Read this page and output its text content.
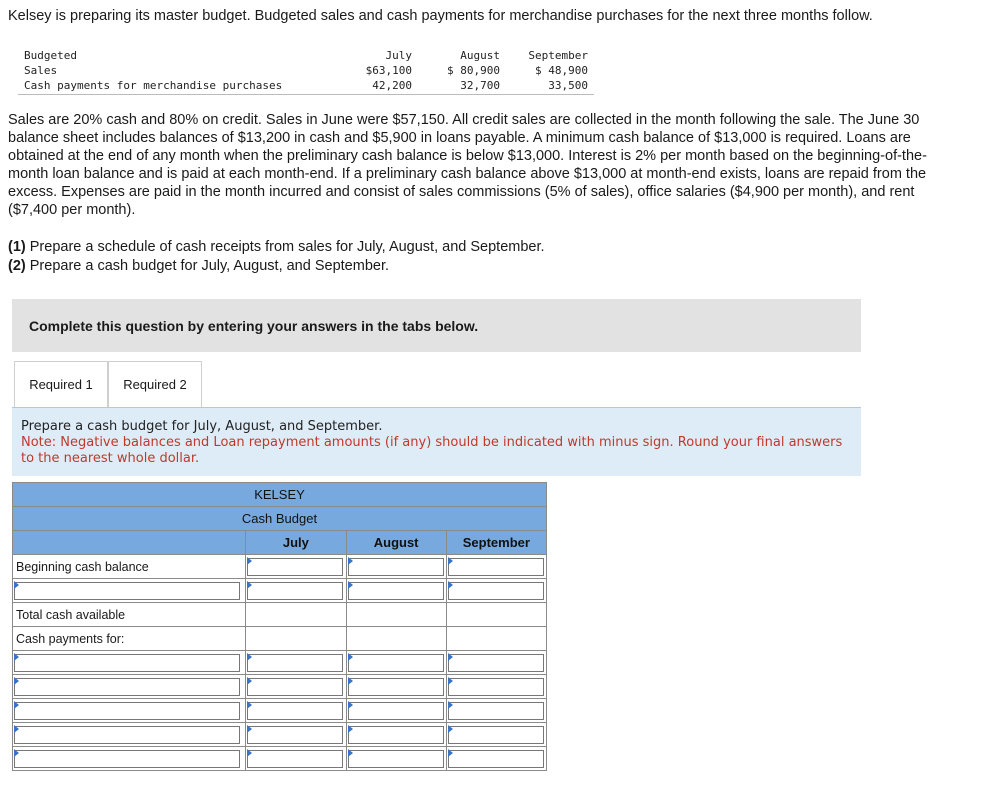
Kelsey is preparing its master budget. Budgeted sales and cash payments for merchandise purchases for the next three months follow.
Budgeted	July	August	September
Sales	$63,100	$ 80,900	$ 48,900
Cash payments for merchandise purchases	42,200	32,700	33,500
Sales are 20% cash and 80% on credit. Sales in June were $57,150. All credit sales are collected in the month following the sale. The June 30 balance sheet includes balances of $13,200 in cash and $5,900 in loans payable. A minimum cash balance of $13,000 is required. Loans are obtained at the end of any month when the preliminary cash balance is below $13,000. Interest is 2% per month based on the beginning-of-the-month loan balance and is paid at each month-end. If a preliminary cash balance above $13,000 at month-end exists, loans are repaid from the excess. Expenses are paid in the month incurred and consist of sales commissions (5% of sales), office salaries ($4,900 per month), and rent ($7,400 per month).
(1) Prepare a schedule of cash receipts from sales for July, August, and September.
(2) Prepare a cash budget for July, August, and September.
Complete this question by entering your answers in the tabs below.
Required 1	Required 2
Prepare a cash budget for July, August, and September.
Note: Negative balances and Loan repayment amounts (if any) should be indicated with minus sign. Round your final answers to the nearest whole dollar.
KELSEY			
Cash Budget			
	July	August	September
Beginning cash balance	

Total cash available			
Cash payments for:			
